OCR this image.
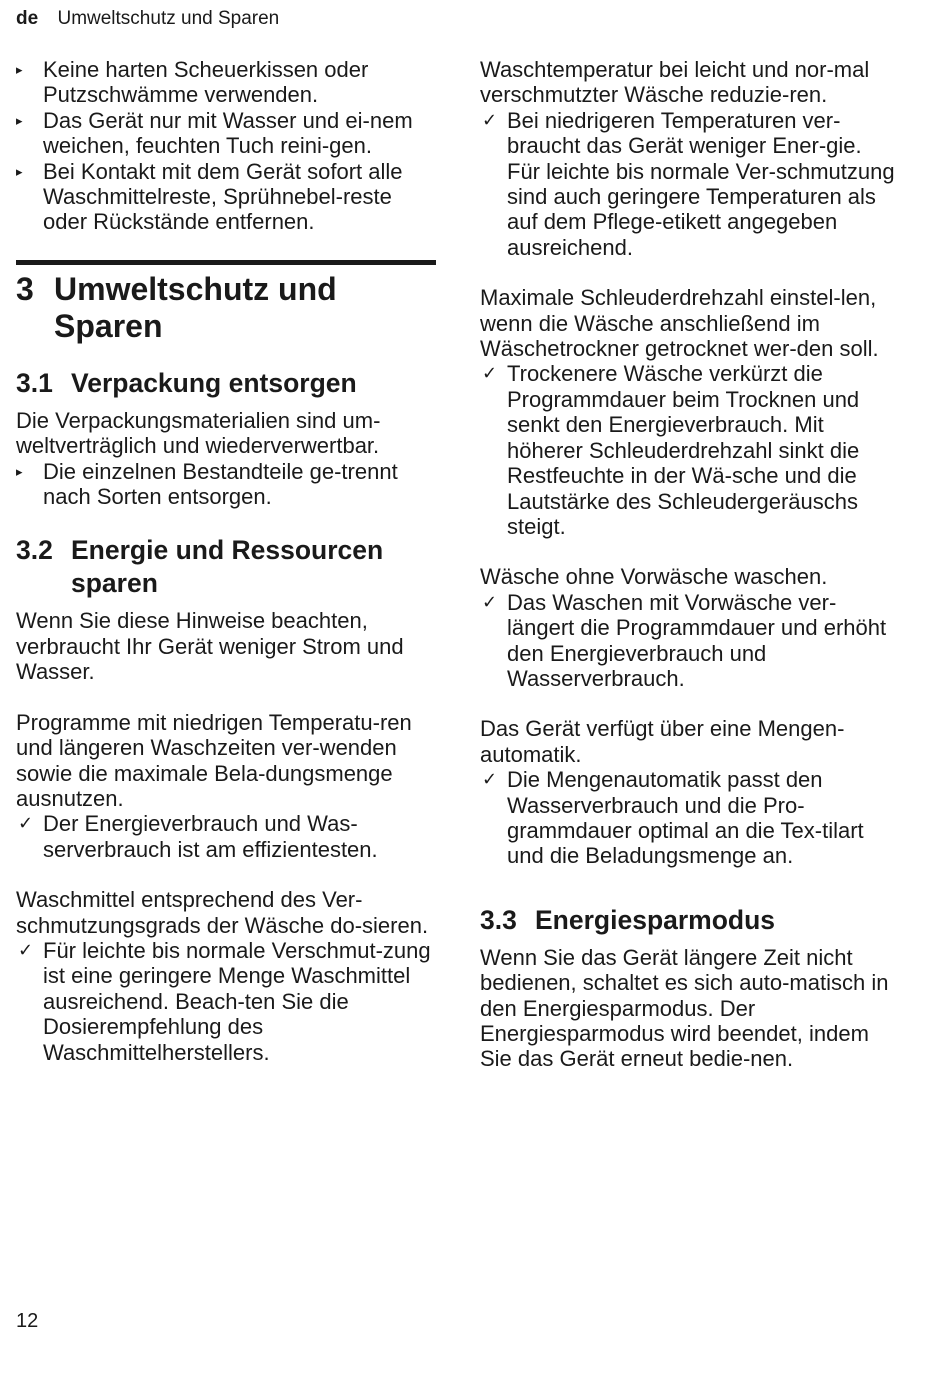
de Umweltschutz und Sparen
▸ Keine harten Scheuerkissen oder Putzschwämme verwenden.
▸ Das Gerät nur mit Wasser und ei-nem weichen, feuchten Tuch reini-gen.
▸ Bei Kontakt mit dem Gerät sofort alle Waschmittelreste, Sprühnebel-reste oder Rückstände entfernen.
3 Umweltschutz und Sparen
3.1 Verpackung entsorgen

Die Verpackungsmaterialien sind um-weltverträglich und wiederverwertbar.

▸ Die einzelnen Bestandteile ge-trennt nach Sorten entsorgen.
3.2 Energie und Ressourcen sparen

Wenn Sie diese Hinweise beachten, verbraucht Ihr Gerät weniger Strom und Wasser.

Programme mit niedrigen Temperatu-ren und längeren Waschzeiten ver-wenden sowie die maximale Bela-dungsmenge ausnutzen.

✓ Der Energieverbrauch und Was-serverbrauch ist am effizientesten.

Waschmittel entsprechend des Ver-schmutzungsgrads der Wäsche do-sieren.

✓ Für leichte bis normale Verschmut-zung ist eine geringere Menge Waschmittel ausreichend. Beach-ten Sie die Dosierempfehlung des Waschmittelherstellers.

Waschtemperatur bei leicht und nor-mal verschmutzter Wäsche reduzie-ren.

✓ Bei niedrigeren Temperaturen ver-braucht das Gerät weniger Ener-gie. Für leichte bis normale Ver-schmutzung sind auch geringere Temperaturen als auf dem Pflege-etikett angegeben ausreichend.

Maximale Schleuderdrehzahl einstel-len, wenn die Wäsche anschließend im Wäschetrockner getrocknet wer-den soll.

✓ Trockenere Wäsche verkürzt die Programmdauer beim Trocknen und senkt den Energieverbrauch. Mit höherer Schleuderdrehzahl sinkt die Restfeuchte in der Wä-sche und die Lautstärke des Schleudergeräuschs steigt.

Wäsche ohne Vorwäsche waschen.

✓ Das Waschen mit Vorwäsche ver-längert die Programmdauer und erhöht den Energieverbrauch und Wasserverbrauch.

Das Gerät verfügt über eine Mengen-automatik.

✓ Die Mengenautomatik passt den Wasserverbrauch und die Pro-grammdauer optimal an die Tex-tilart und die Beladungsmenge an.
3.3 Energiesparmodus

Wenn Sie das Gerät längere Zeit nicht bedienen, schaltet es sich auto-matisch in den Energiesparmodus. Der Energiesparmodus wird beendet, indem Sie das Gerät erneut bedie-nen.

12
